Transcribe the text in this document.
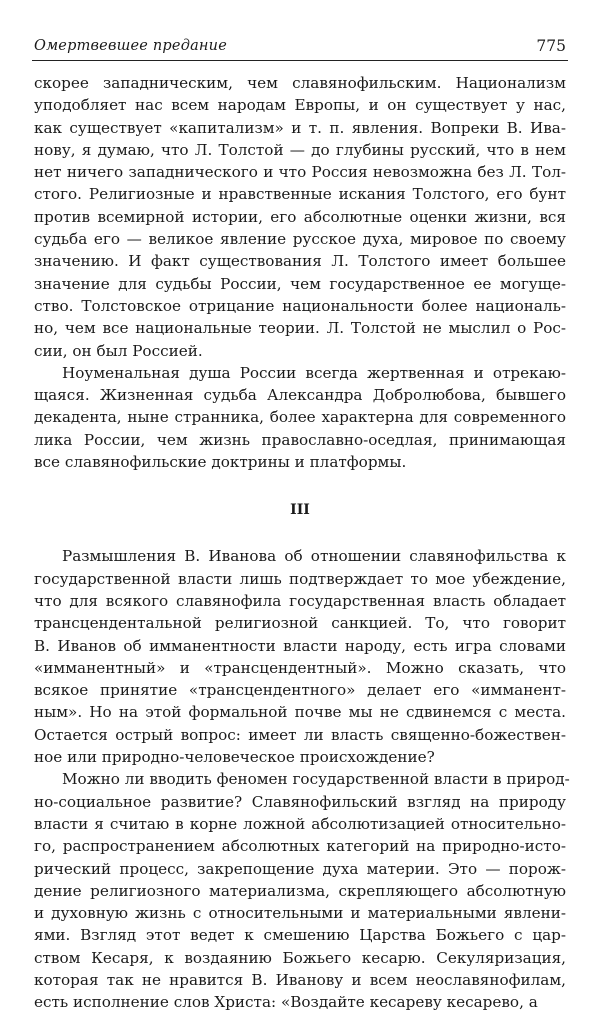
Омертвевшее предание	775
скорее западническим, чем славянофильским. Национализм
уподобляет нас всем народам Европы, и он существует у нас,
как существует «капитализм» и т. п. явления. Вопреки В. Ива-
нову, я думаю, что Л. Толстой — до глубины русский, что в нем
нет ничего западнического и что Россия невозможна без Л. Тол-
стого. Религиозные и нравственные искания Толстого, его бунт
против всемирной истории, его абсолютные оценки жизни, вся
судьба его — великое явление русское духа, мировое по своему
значению. И факт существования Л. Толстого имеет большее
значение для судьбы России, чем государственное ее могуще-
ство. Толстовское отрицание национальности более националь-
но, чем все национальные теории. Л. Толстой не мыслил о Рос-
сии, он был Россией.
Ноуменальная душа России всегда жертвенная и отрекаю-
щаяся. Жизненная судьба Александра Добролюбова, бывшего
декадента, ныне странника, более характерна для современного
лика России, чем жизнь православно-оседлая, принимающая
все славянофильские доктрины и платформы.
III
Размышления В. Иванова об отношении славянофильства к
государственной власти лишь подтверждает то мое убеждение,
что для всякого славянофила государственная власть обладает
трансцендентальной религиозной санкцией. То, что говорит
В. Иванов об имманентности власти народу, есть игра словами
«имманентный» и «трансцендентный». Можно сказать, что
всякое принятие «трансцендентного» делает его «имманент-
ным». Но на этой формальной почве мы не сдвинемся с места.
Остается острый вопрос: имеет ли власть священно-божествен-
ное или природно-человеческое происхождение?
Можно ли вводить феномен государственной власти в природ-
но-социальное развитие? Славянофильский взгляд на природу
власти я считаю в корне ложной абсолютизацией относительно-
го, распространением абсолютных категорий на природно-исто-
рический процесс, закрепощение духа материи. Это — порож-
дение религиозного материализма, скрепляющего абсолютную
и духовную жизнь с относительными и материальными явлени-
ями. Взгляд этот ведет к смешению Царства Божьего с цар-
ством Кесаря, к воздаянию Божьего кесарю. Секуляризация,
которая так не нравится В. Иванову и всем неославянофилам,
есть исполнение слов Христа: «Воздайте кесареву кесарево, а
